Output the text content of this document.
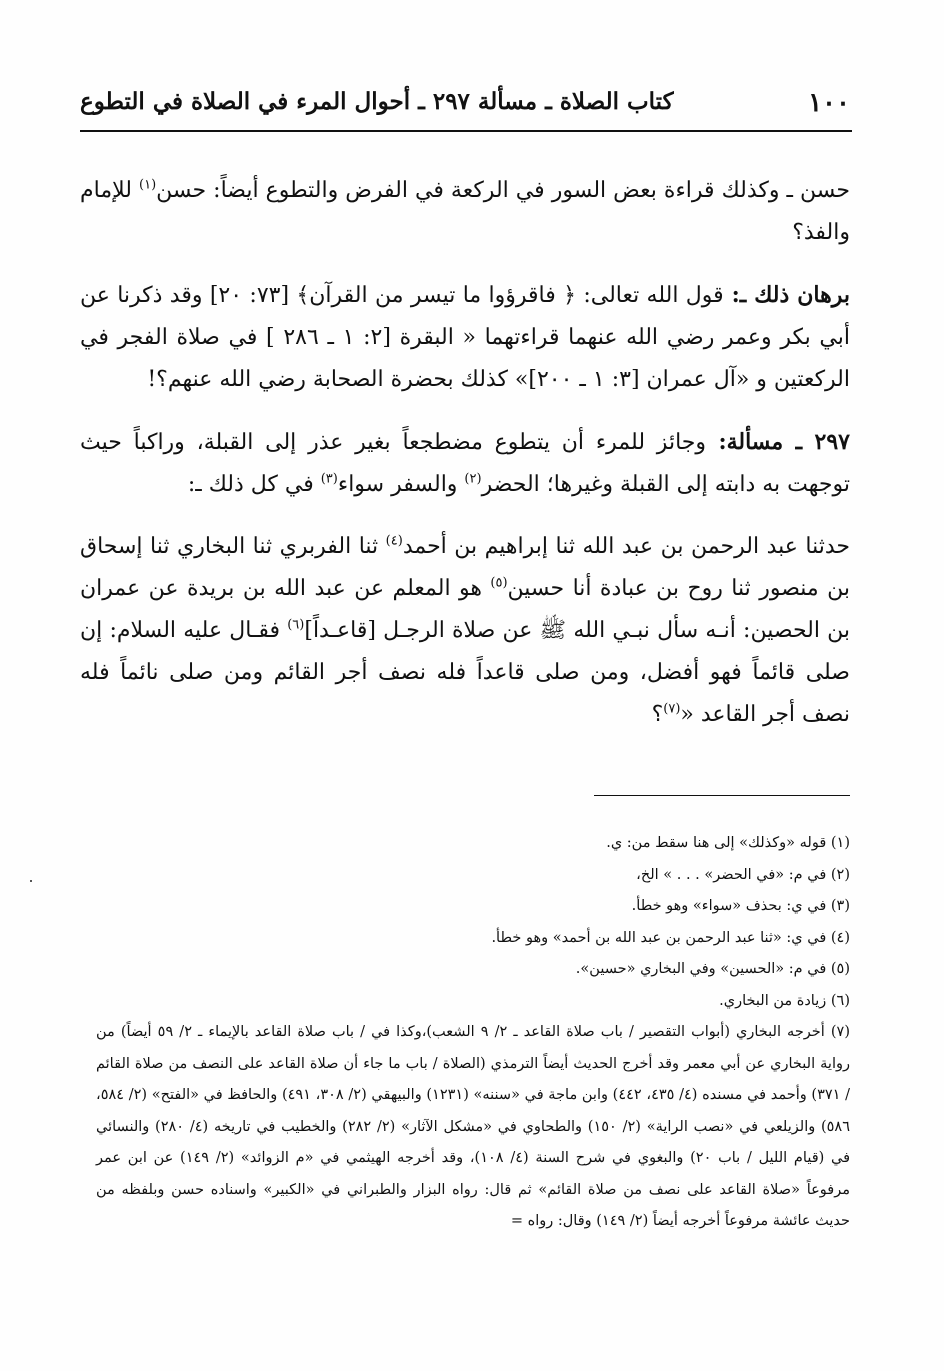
١٠٠
كتاب الصلاة ـ مسألة ٢٩٧ ـ أحوال المرء في الصلاة في التطوع

حسن ـ وكذلك قراءة بعض السور في الركعة في الفرض والتطوع أيضاً: حسن$^{(١)}$ للإمام والفذ؟

برهان ذلك ـ: قول الله تعالى: ﴿ فاقرؤوا ما تيسر من القرآن﴾ [٧٣: ٢٠] وقد ذكرنا عن أبي بكر وعمر رضي الله عنهما قراءتهما « البقرة [٢: ١ ـ ٢٨٦ ] في صلاة الفجر في الركعتين و «آل عمران [٣: ١ ـ ٢٠٠]» كذلك بحضرة الصحابة رضي الله عنهم؟!

٢٩٧ ـ مسألة: وجائز للمرء أن يتطوع مضطجعاً بغير عذر إلى القبلة، وراكباً حيث توجهت به دابته إلى القبلة وغيرها؛ الحضر$^{(٢)}$ والسفر سواء$^{(٣)}$ في كل ذلك ـ:

حدثنا عبد الرحمن بن عبد الله ثنا إبراهيم بن أحمد$^{(٤)}$ ثنا الفربري ثنا البخاري ثنا إسحاق بن منصور ثنا روح بن عبادة أنا حسين$^{(٥)}$ هو المعلم عن عبد الله بن بريدة عن عمران بن الحصين: أنـه سأل نبـي الله ﷺ عن صلاة الرجـل [قاعـداً]$^{(٦)}$ فقـال عليه السلام: إن صلى قائماً فهو أفضل، ومن صلى قاعداً فله نصف أجر القائم ومن صلى نائماً فله نصف أجر القاعد «$^{(٧)}$؟

(١) قوله «وكذلك» إلى هنا سقط من: ي.

(٢) في م: «في الحضر» . . . » الخ،

(٣) في ي: بحذف «سواء» وهو خطأ.

(٤) في ي: «ثنا عبد الرحمن بن عبد الله بن أحمد» وهو خطأ.

(٥) في م: «الحسين» وفي البخاري «حسين».

(٦) زيادة من البخاري.

(٧) أخرجه البخاري (أبواب التقصير / باب صلاة القاعد ـ ٢/ ٩ الشعب)،وكذا في / باب صلاة القاعد بالإيماء ـ ٢/ ٥٩ أيضاً) من رواية البخاري عن أبي معمر وقد أخرج الحديث أيضاً الترمذي (الصلاة / باب ما جاء أن صلاة القاعد على النصف من صلاة القائم / ٣٧١) وأحمد في مسنده (٤/ ٤٣٥، ٤٤٢) وابن ماجة في «سننه» (١٢٣١) والبيهقي (٢/ ٣٠٨، ٤٩١) والحافظ في «الفتح» (٢/ ٥٨٤، ٥٨٦) والزيلعي في «نصب الراية» (٢/ ١٥٠) والطحاوي في «مشكل الآثار» (٢/ ٢٨٢) والخطيب في تاريخه (٤/ ٢٨٠) والنسائي في (قيام الليل / باب ٢٠) والبغوي في شرح السنة (٤/ ١٠٨)، وقد أخرجه الهيثمي في «م الزوائد» (٢/ ١٤٩) عن ابن عمر مرفوعاً «صلاة القاعد على نصف من صلاة القائم» ثم قال: رواه البزار والطبراني في «الكبير» واسناده حسن وبلفظه من حديث عائشة مرفوعاً أخرجه أيضاً (٢/ ١٤٩) وقال: رواه =
